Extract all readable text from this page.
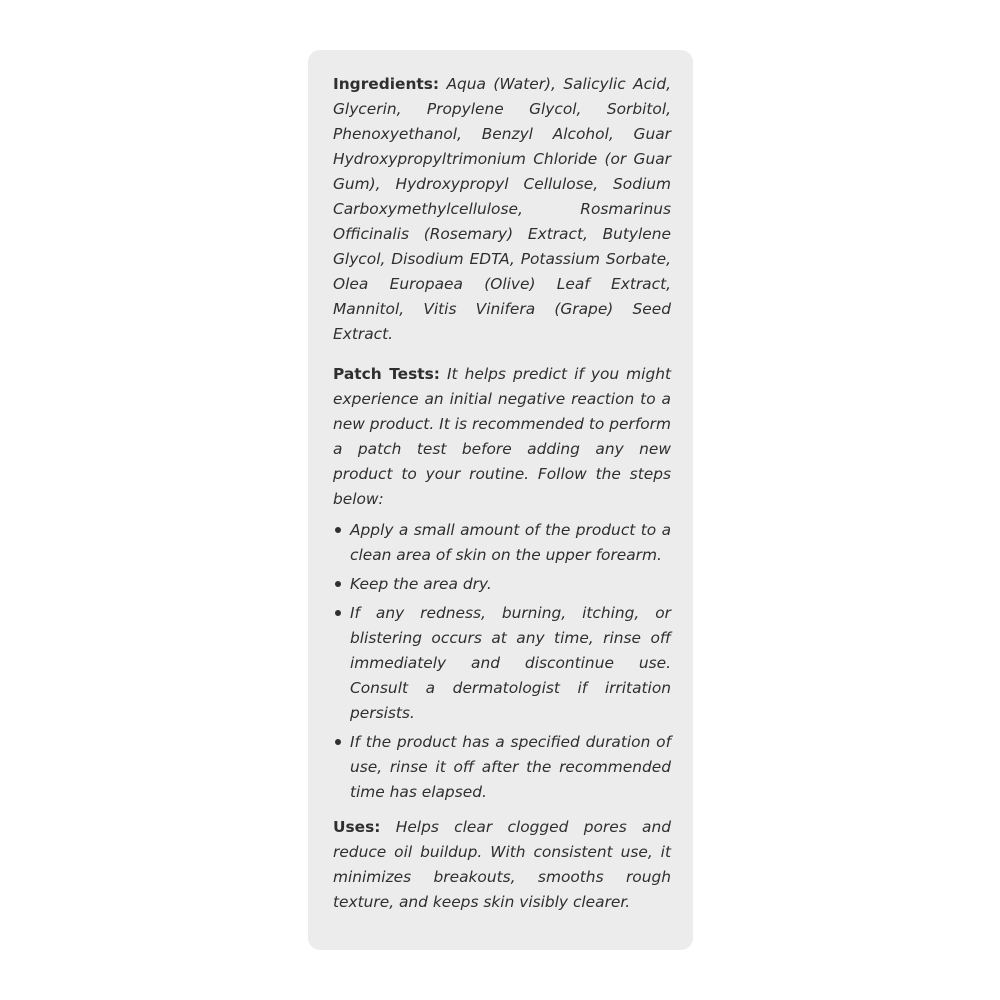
Ingredients: Aqua (Water), Salicylic Acid, Glycerin, Propylene Glycol, Sorbitol, Phenoxyethanol, Benzyl Alcohol, Guar Hydroxypropyltrimonium Chloride (or Guar Gum), Hydroxypropyl Cellulose, Sodium Carboxymethylcellulose, Rosmarinus Officinalis (Rosemary) Extract, Butylene Glycol, Disodium EDTA, Potassium Sorbate, Olea Europaea (Olive) Leaf Extract, Mannitol, Vitis Vinifera (Grape) Seed Extract.

Patch Tests: It helps predict if you might experience an initial negative reaction to a new product. It is recommended to perform a patch test before adding any new product to your routine. Follow the steps below:

Apply a small amount of the product to a clean area of skin on the upper forearm.
Keep the area dry.
If any redness, burning, itching, or blistering occurs at any time, rinse off immediately and discontinue use. Consult a dermatologist if irritation persists.
If the product has a specified duration of use, rinse it off after the recommended time has elapsed.

Uses: Helps clear clogged pores and reduce oil buildup. With consistent use, it minimizes breakouts, smooths rough texture, and keeps skin visibly clearer.
